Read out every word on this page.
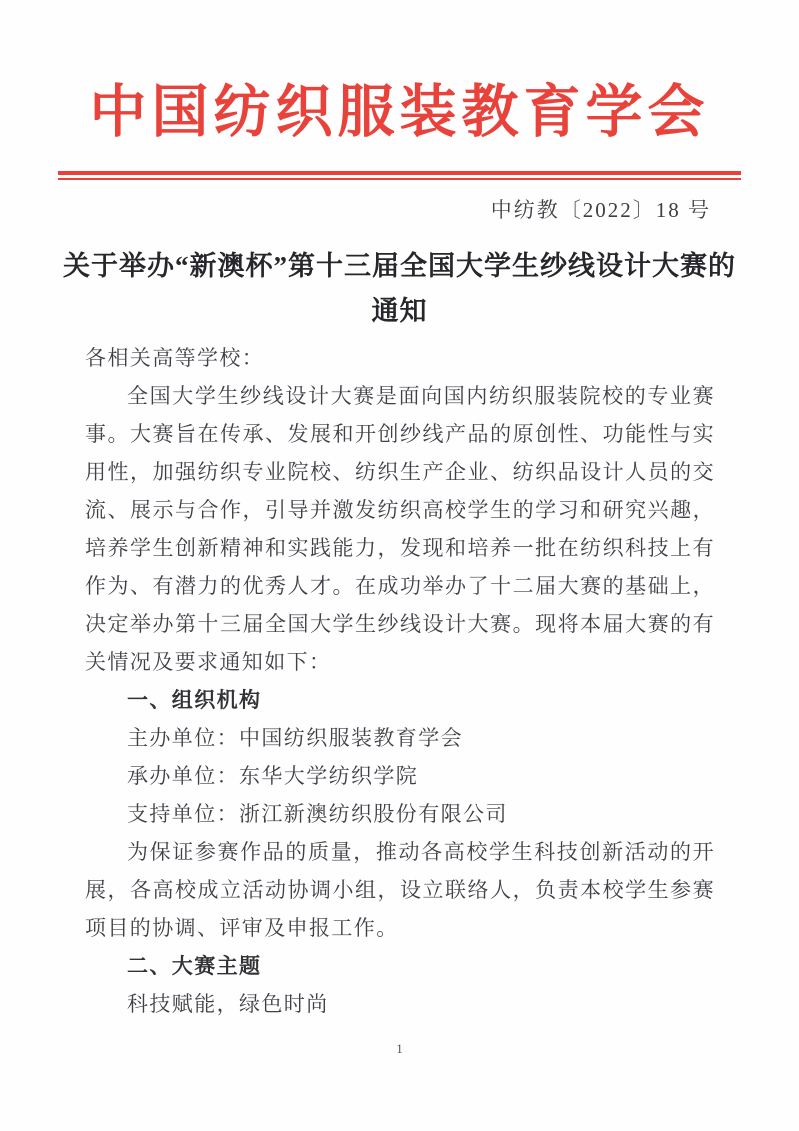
中国纺织服装教育学会
中纺教〔2022〕18 号
关于举办“新澳杯”第十三届全国大学生纱线设计大赛的
通知

各相关高等学校：

全国大学生纱线设计大赛是面向国内纺织服装院校的专业赛事。大赛旨在传承、发展和开创纱线产品的原创性、功能性与实用性，加强纺织专业院校、纺织生产企业、纺织品设计人员的交流、展示与合作，引导并激发纺织高校学生的学习和研究兴趣，培养学生创新精神和实践能力，发现和培养一批在纺织科技上有作为、有潜力的优秀人才。在成功举办了十二届大赛的基础上，决定举办第十三届全国大学生纱线设计大赛。现将本届大赛的有关情况及要求通知如下：

一、组织机构

主办单位：中国纺织服装教育学会

承办单位：东华大学纺织学院

支持单位：浙江新澳纺织股份有限公司

为保证参赛作品的质量，推动各高校学生科技创新活动的开展，各高校成立活动协调小组，设立联络人，负责本校学生参赛项目的协调、评审及申报工作。

二、大赛主题

科技赋能，绿色时尚

1
